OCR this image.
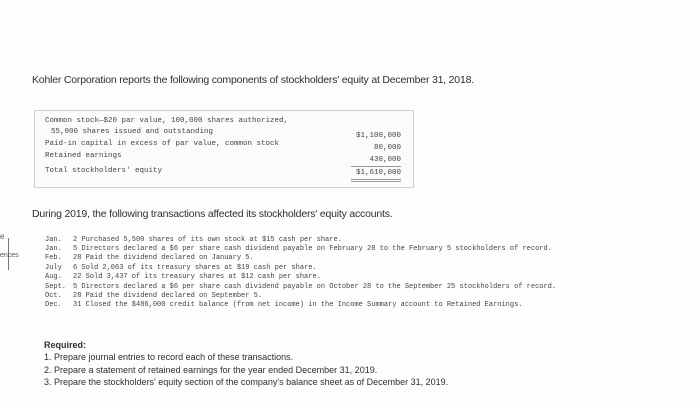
e
ences
Kohler Corporation reports the following components of stockholders' equity at December 31, 2018.
Common stock—$20 par value, 100,000 shares authorized,
55,000 shares issued and outstanding	$1,100,000
Paid-in capital in excess of par value, common stock	80,000
Retained earnings	430,000
Total stockholders' equity	$1,610,000
During 2019, the following transactions affected its stockholders' equity accounts.
Jan.	2 Purchased 5,500 shares of its own stock at $15 cash per share.
Jan.	5 Directors declared a $6 per share cash dividend payable on February 28 to the February 5 stockholders of record.
Feb.	28 Paid the dividend declared on January 5.
July	6 Sold 2,063 of its treasury shares at $19 cash per share.
Aug.	22 Sold 3,437 of its treasury shares at $12 cash per share.
Sept. 5 Directors declared a $6 per share cash dividend payable on October 28 to the September 25 stockholders of record.
Oct.	28 Paid the dividend declared on September 5.
Dec.	31 Closed the $486,000 credit balance (from net income) in the Income Summary account to Retained Earnings.
Required:
1. Prepare journal entries to record each of these transactions.
2. Prepare a statement of retained earnings for the year ended December 31, 2019.
3. Prepare the stockholders' equity section of the company's balance sheet as of December 31, 2019.
